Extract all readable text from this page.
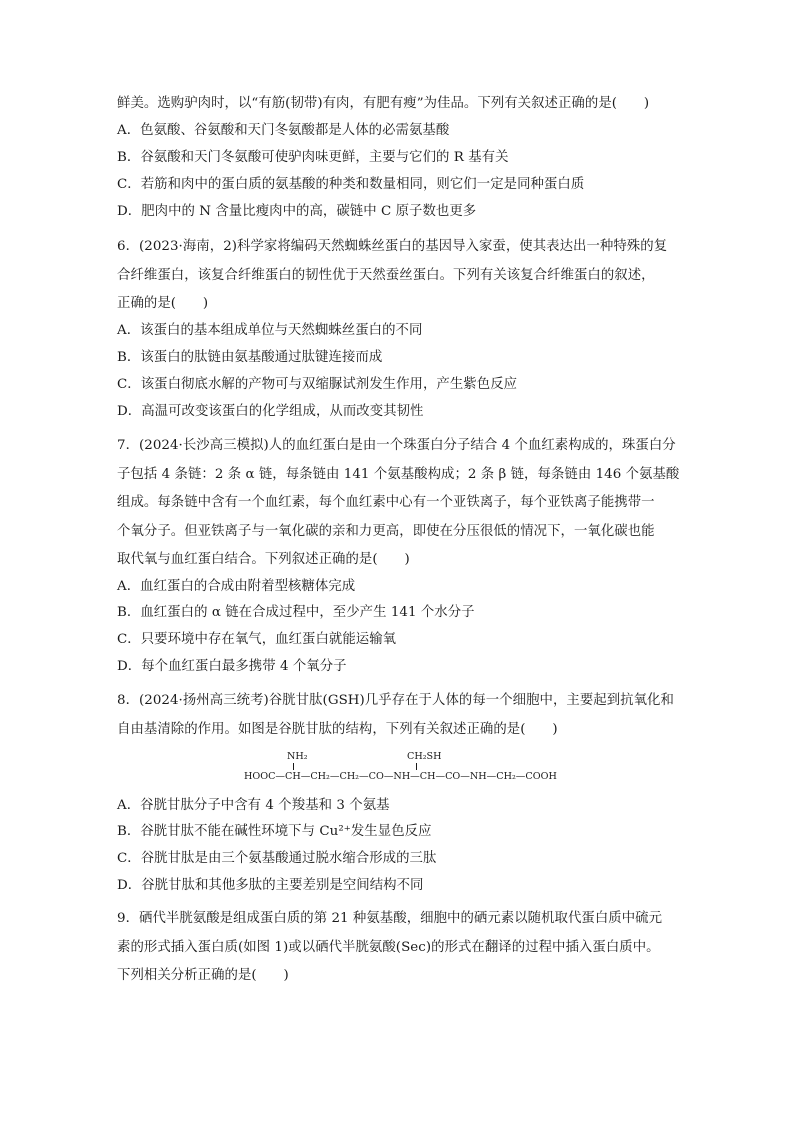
鲜美。选购驴肉时，以“有筋(韧带)有肉，有肥有瘦”为佳品。下列有关叙述正确的是(　　)
A．色氨酸、谷氨酸和天门冬氨酸都是人体的必需氨基酸
B．谷氨酸和天门冬氨酸可使驴肉味更鲜，主要与它们的 R 基有关
C．若筋和肉中的蛋白质的氨基酸的种类和数量相同，则它们一定是同种蛋白质
D．肥肉中的 N 含量比瘦肉中的高，碳链中 C 原子数也更多
6．(2023·海南，2)科学家将编码天然蜘蛛丝蛋白的基因导入家蚕，使其表达出一种特殊的复
合纤维蛋白，该复合纤维蛋白的韧性优于天然蚕丝蛋白。下列有关该复合纤维蛋白的叙述，
正确的是(　　)
A．该蛋白的基本组成单位与天然蜘蛛丝蛋白的不同
B．该蛋白的肽链由氨基酸通过肽键连接而成
C．该蛋白彻底水解的产物可与双缩脲试剂发生作用，产生紫色反应
D．高温可改变该蛋白的化学组成，从而改变其韧性
7．(2024·长沙高三模拟)人的血红蛋白是由一个珠蛋白分子结合 4 个血红素构成的，珠蛋白分
子包括 4 条链：2 条 α 链，每条链由 141 个氨基酸构成；2 条 β 链，每条链由 146 个氨基酸
组成。每条链中含有一个血红素，每个血红素中心有一个亚铁离子，每个亚铁离子能携带一
个氧分子。但亚铁离子与一氧化碳的亲和力更高，即使在分压很低的情况下，一氧化碳也能
取代氧与血红蛋白结合。下列叙述正确的是(　　)
A．血红蛋白的合成由附着型核糖体完成
B．血红蛋白的 α 链在合成过程中，至少产生 141 个水分子
C．只要环境中存在氧气，血红蛋白就能运输氧
D．每个血红蛋白最多携带 4 个氧分子
8．(2024·扬州高三统考)谷胱甘肽(GSH)几乎存在于人体的每一个细胞中，主要起到抗氧化和
自由基清除的作用。如图是谷胱甘肽的结构，下列有关叙述正确的是(　　)
NH₂	CH₂SH
HOOC—CH—CH₂—CH₂—CO—NH—CH—CO—NH—CH₂—COOH
A．谷胱甘肽分子中含有 4 个羧基和 3 个氨基
B．谷胱甘肽不能在碱性环境下与 Cu²⁺发生显色反应
C．谷胱甘肽是由三个氨基酸通过脱水缩合形成的三肽
D．谷胱甘肽和其他多肽的主要差别是空间结构不同
9．硒代半胱氨酸是组成蛋白质的第 21 种氨基酸，细胞中的硒元素以随机取代蛋白质中硫元
素的形式插入蛋白质(如图 1)或以硒代半胱氨酸(Sec)的形式在翻译的过程中插入蛋白质中。
下列相关分析正确的是(　　)
